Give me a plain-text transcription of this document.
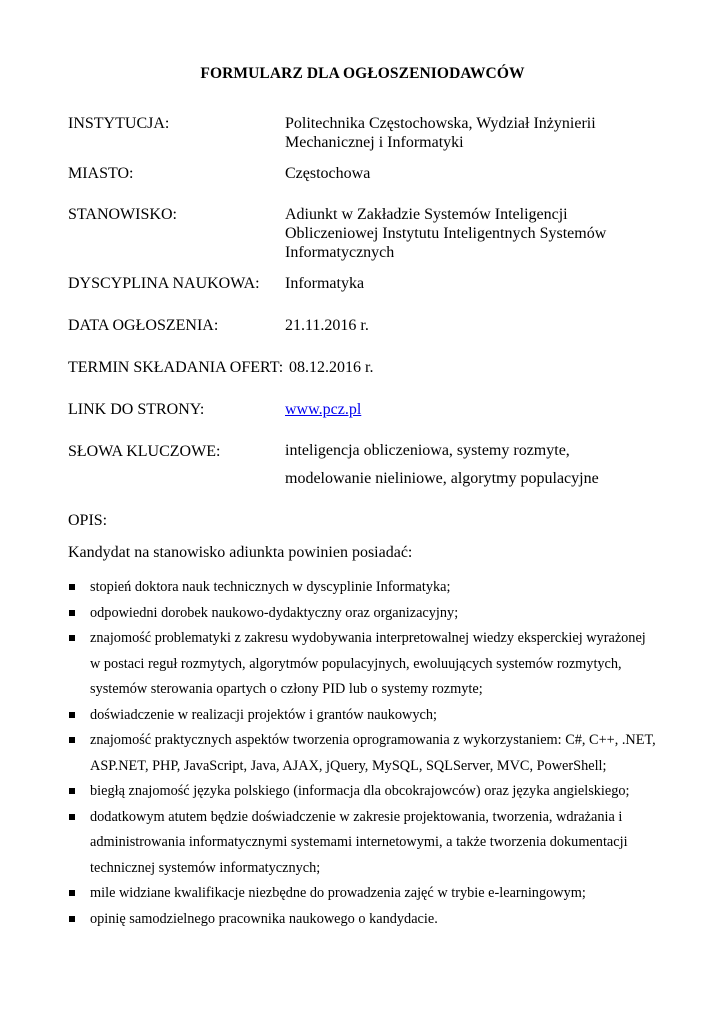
FORMULARZ DLA OGŁOSZENIODAWCÓW
INSTYTUCJA:	Politechnika Częstochowska, Wydział Inżynierii Mechanicznej i Informatyki
MIASTO:	Częstochowa
STANOWISKO:	Adiunkt w Zakładzie Systemów Inteligencji Obliczeniowej Instytutu Inteligentnych Systemów Informatycznych
DYSCYPLINA NAUKOWA: Informatyka
DATA OGŁOSZENIA:	21.11.2016 r.
TERMIN SKŁADANIA OFERT: 08.12.2016 r.
LINK DO STRONY:	www.pcz.pl
SŁOWA KLUCZOWE:	inteligencja obliczeniowa, systemy rozmyte, modelowanie nieliniowe, algorytmy populacyjne
OPIS:
Kandydat na stanowisko adiunkta powinien posiadać:
stopień doktora nauk technicznych w dyscyplinie Informatyka;
odpowiedni dorobek naukowo-dydaktyczny oraz organizacyjny;
znajomość problematyki z zakresu wydobywania interpretowalnej wiedzy eksperckiej wyrażonej w postaci reguł rozmytych, algorytmów populacyjnych, ewoluujących systemów rozmytych, systemów sterowania opartych o człony PID lub o systemy rozmyte;
doświadczenie w realizacji projektów i grantów naukowych;
znajomość praktycznych aspektów tworzenia oprogramowania z wykorzystaniem: C#, C++, .NET, ASP.NET, PHP, JavaScript, Java, AJAX, jQuery, MySQL, SQLServer, MVC, PowerShell;
biegłą znajomość języka polskiego (informacja dla obcokrajowców) oraz języka angielskiego;
dodatkowym atutem będzie doświadczenie w zakresie projektowania, tworzenia, wdrażania i administrowania informatycznymi systemami internetowymi, a także tworzenia dokumentacji technicznej systemów informatycznych;
mile widziane kwalifikacje niezbędne do prowadzenia zajęć w trybie e-learningowym;
opinię samodzielnego pracownika naukowego o kandydacie.
